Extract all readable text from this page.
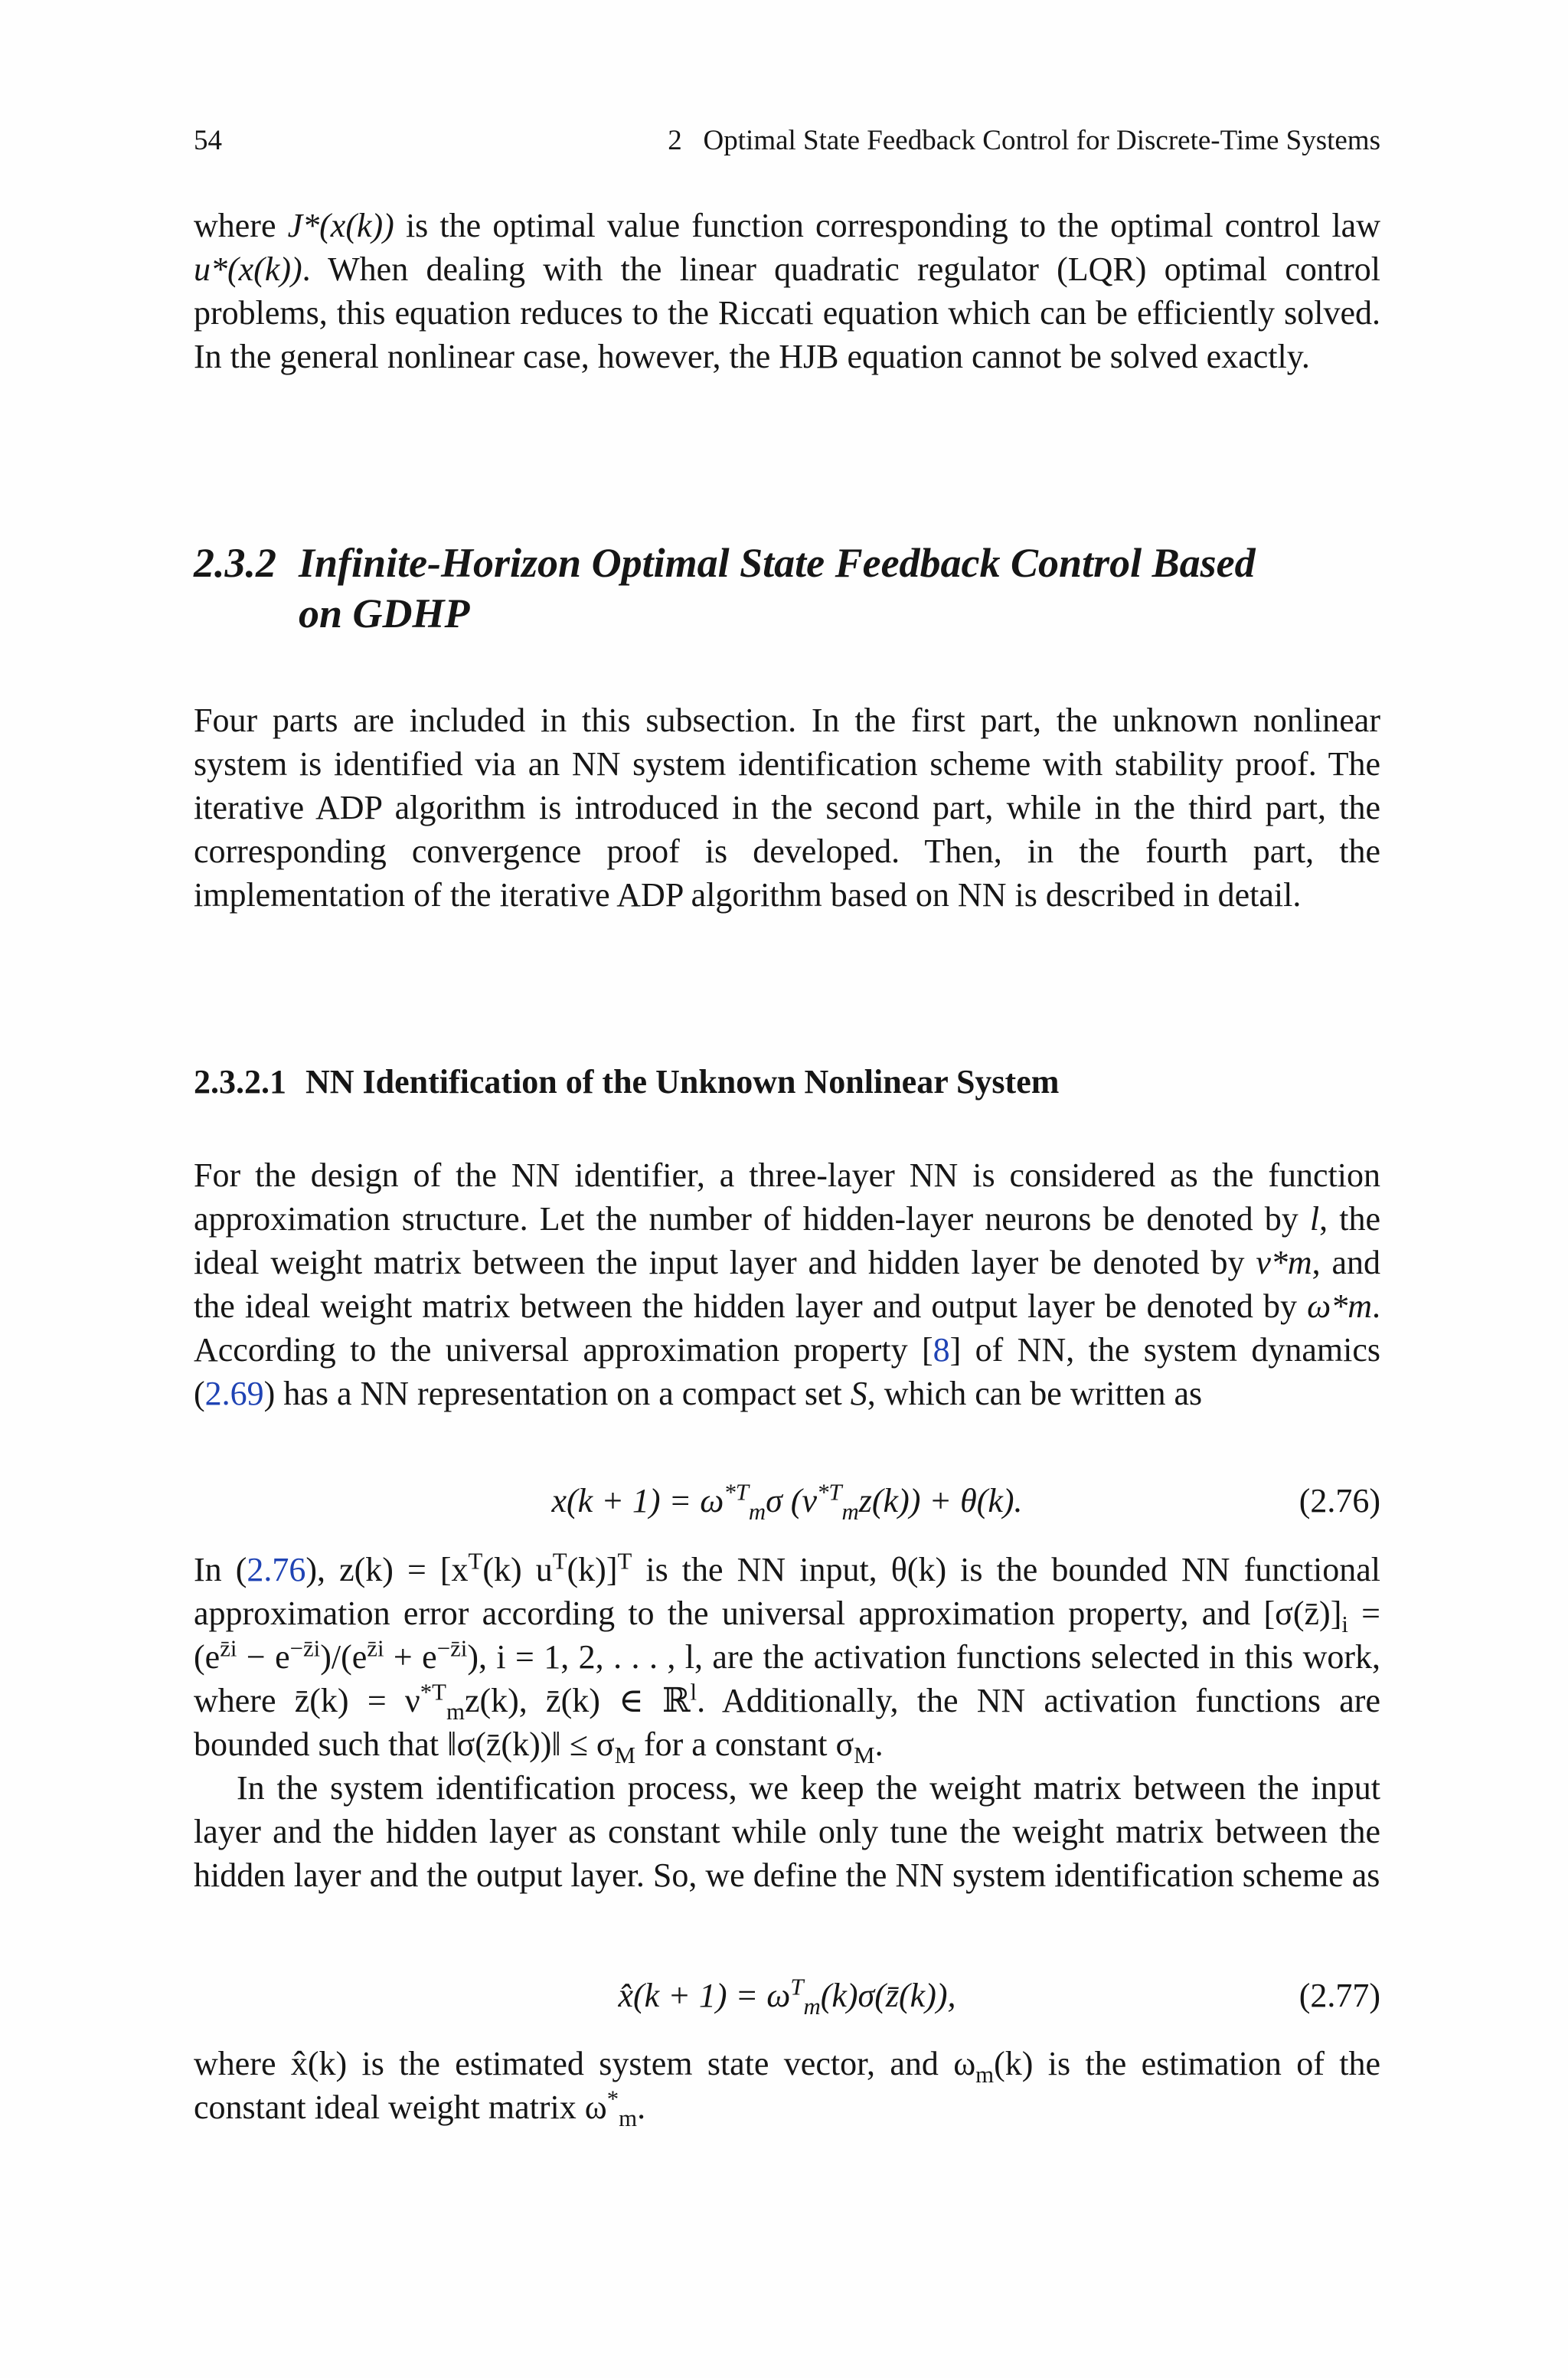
54	2   Optimal State Feedback Control for Discrete-Time Systems

where J*(x(k)) is the optimal value function corresponding to the optimal control law u*(x(k)). When dealing with the linear quadratic regulator (LQR) optimal control problems, this equation reduces to the Riccati equation which can be efficiently solved. In the general nonlinear case, however, the HJB equation cannot be solved exactly.

2.3.2 Infinite-Horizon Optimal State Feedback Control Based
on GDHP

Four parts are included in this subsection. In the first part, the unknown nonlinear system is identified via an NN system identification scheme with stability proof. The iterative ADP algorithm is introduced in the second part, while in the third part, the corresponding convergence proof is developed. Then, in the fourth part, the implementation of the iterative ADP algorithm based on NN is described in detail.

2.3.2.1 NN Identification of the Unknown Nonlinear System

For the design of the NN identifier, a three-layer NN is considered as the function approximation structure. Let the number of hidden-layer neurons be denoted by l, the ideal weight matrix between the input layer and hidden layer be denoted by ν*m, and the ideal weight matrix between the hidden layer and output layer be denoted by ω*m. According to the universal approximation property [8] of NN, the system dynamics (2.69) has a NN representation on a compact set S, which can be written as

$x(k + 1) = \omega^{*T}_m\sigma$ $(\nu^{*T}_mz(k)) + \theta(k)$.	(2.76)

In (2.76), $z(k) = [x^T(k)$ $u^T(k)]^T$ is the NN input, θ(k) is the bounded NN functional approximation error according to the universal approximation property, and $[\sigma(z̄)]_i = (e^{z̄i} - e^{-z̄i})/(e^{z̄i} + e^{-z̄i})$, i = 1, 2, . . . , l, are the activation functions selected in this work, where z̄(k) = $\nu^{*T}_mz(k)$, z̄(k) ∈ ℝ$^l$. Additionally, the NN activation functions are bounded such that ‖σ(z̄(k))‖ ≤ $\sigma_M$ for a constant $\sigma_M$.

In the system identification process, we keep the weight matrix between the input layer and the hidden layer as constant while only tune the weight matrix between the hidden layer and the output layer. So, we define the NN system identification scheme as

x̂(k + $1) = \omega^T_m(k)\sigma(z̄(k))$,	(2.77)

where x̂(k) is the estimated system state vector, and $\omega_m(k)$ is the estimation of the constant ideal weight matrix $\omega^*_m$.
